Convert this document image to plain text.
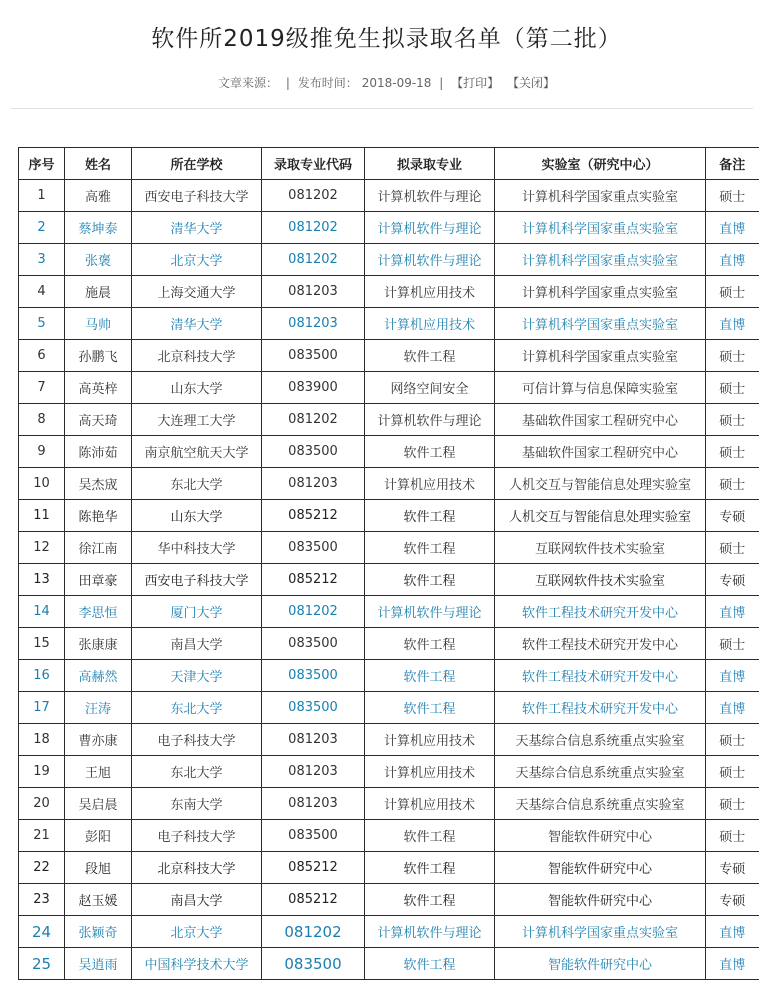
软件所2019级推免生拟录取名单（第二批）
文章来源： | 发布时间： 2018-09-18 | 【打印】 【关闭】
序号	姓名	所在学校	录取专业代码	拟录取专业	实验室（研究中心）	备注
1	高雅	西安电子科技大学	081202	计算机软件与理论	计算机科学国家重点实验室	硕士
2	蔡坤泰	清华大学	081202	计算机软件与理论	计算机科学国家重点实验室	直博
3	张褒	北京大学	081202	计算机软件与理论	计算机科学国家重点实验室	直博
4	施晨	上海交通大学	081203	计算机应用技术	计算机科学国家重点实验室	硕士
5	马帅	清华大学	081203	计算机应用技术	计算机科学国家重点实验室	直博
6	孙鹏飞	北京科技大学	083500	软件工程	计算机科学国家重点实验室	硕士
7	高英梓	山东大学	083900	网络空间安全	可信计算与信息保障实验室	硕士
8	高天琦	大连理工大学	081202	计算机软件与理论	基础软件国家工程研究中心	硕士
9	陈沛茹	南京航空航天大学	083500	软件工程	基础软件国家工程研究中心	硕士
10	吴杰宬	东北大学	081203	计算机应用技术	人机交互与智能信息处理实验室	硕士
11	陈艳华	山东大学	085212	软件工程	人机交互与智能信息处理实验室	专硕
12	徐江南	华中科技大学	083500	软件工程	互联网软件技术实验室	硕士
13	田章豪	西安电子科技大学	085212	软件工程	互联网软件技术实验室	专硕
14	李思恒	厦门大学	081202	计算机软件与理论	软件工程技术研究开发中心	直博
15	张康康	南昌大学	083500	软件工程	软件工程技术研究开发中心	硕士
16	高赫然	天津大学	083500	软件工程	软件工程技术研究开发中心	直博
17	汪涛	东北大学	083500	软件工程	软件工程技术研究开发中心	直博
18	曹亦康	电子科技大学	081203	计算机应用技术	天基综合信息系统重点实验室	硕士
19	王旭	东北大学	081203	计算机应用技术	天基综合信息系统重点实验室	硕士
20	吴启晨	东南大学	081203	计算机应用技术	天基综合信息系统重点实验室	硕士
21	彭阳	电子科技大学	083500	软件工程	智能软件研究中心	硕士
22	段旭	北京科技大学	085212	软件工程	智能软件研究中心	专硕
23	赵玉媛	南昌大学	085212	软件工程	智能软件研究中心	专硕
24	张颖奇	北京大学	081202	计算机软件与理论	计算机科学国家重点实验室	直博
25	吴逍雨	中国科学技术大学	083500	软件工程	智能软件研究中心	直博
